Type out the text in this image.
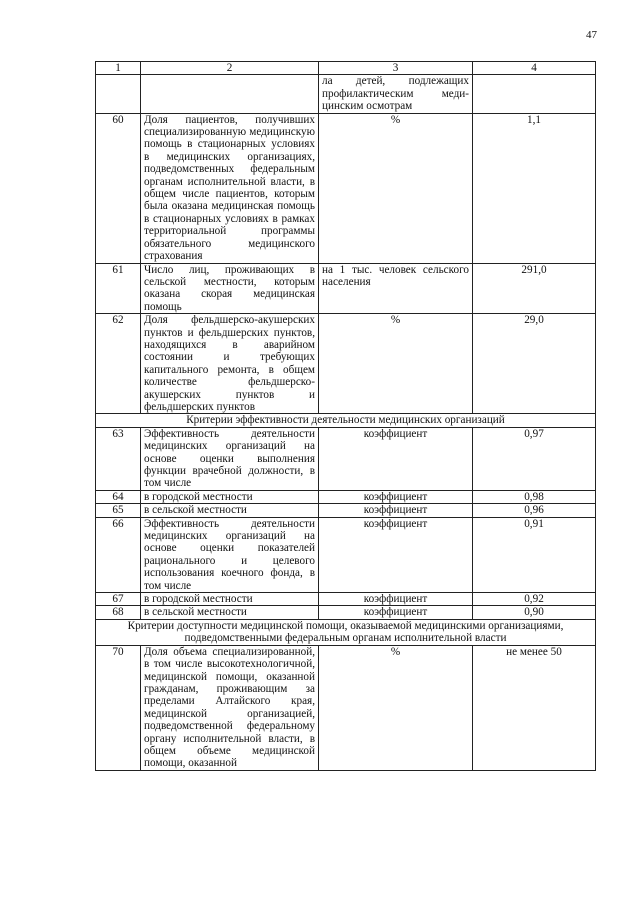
47
1	2	3	4
		ла детей, подлежащих профилактическим меди-цинским осмотрам	
60	Доля пациентов, получивших специализированную медицинскую помощь в стационарных условиях в медицинских организациях, подведомственных федеральным органам исполнительной власти, в общем числе пациентов, которым была оказана медицинская помощь в стационарных условиях в рамках территориальной программы обязательного медицинского страхования	%	1,1
61	Число лиц, проживающих в сельской местности, которым оказана скорая медицинская помощь	на 1 тыс. человек сельского населения	291,0
62	Доля фельдшерско-акушерских пунктов и фельдшерских пунктов, находящихся в аварийном состоянии и требующих капитального ремонта, в общем количестве фельдшерско-акушерских пунктов и фельдшерских пунктов	%	29,0
Критерии эффективности деятельности медицинских организаций			
63	Эффективность деятельности медицинских организаций на основе оценки выполнения функции врачебной должности, в том числе	коэффициент	0,97
64	в городской местности	коэффициент	0,98
65	в сельской местности	коэффициент	0,96
66	Эффективность деятельности медицинских организаций на основе оценки показателей рационального и целевого использования коечного фонда, в том числе	коэффициент	0,91
67	в городской местности	коэффициент	0,92
68	в сельской местности	коэффициент	0,90
Критерии доступности медицинской помощи, оказываемой медицинскими организациями, подведомственными федеральным органам исполнительной власти			
70	Доля объема специализированной, в том числе высокотехнологичной, медицинской помощи, оказанной гражданам, проживающим за пределами Алтайского края, медицинской организацией, подведомственной федеральному органу исполнительной власти, в общем объеме медицинской помощи, оказанной	%	не менее 50
